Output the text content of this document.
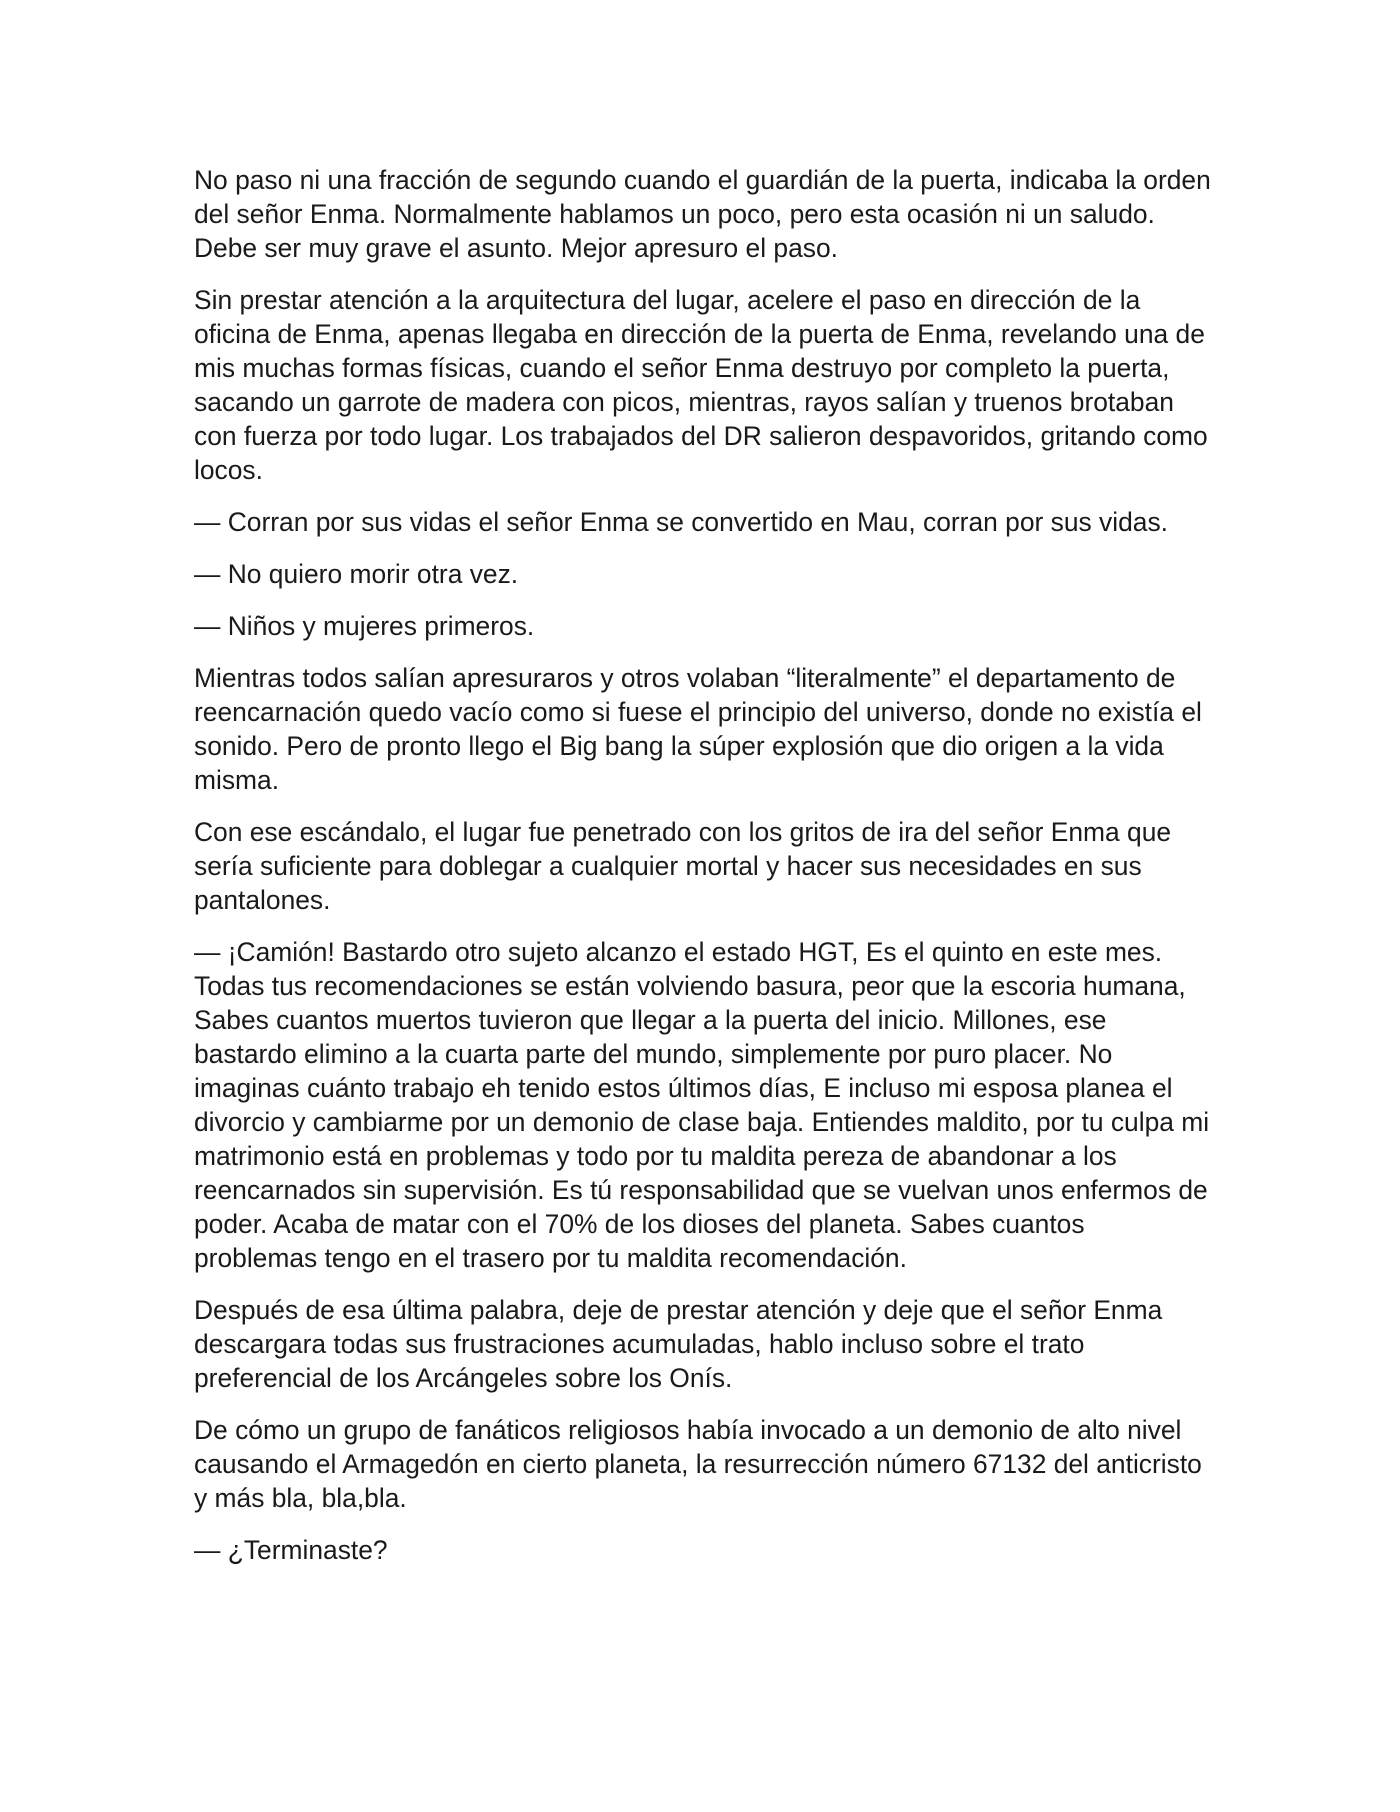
No paso ni una fracción de segundo cuando el guardián de la puerta, indicaba la orden del señor Enma. Normalmente hablamos un poco, pero esta ocasión ni un saludo. Debe ser muy grave el asunto. Mejor apresuro el paso.

Sin prestar atención a la arquitectura del lugar, acelere el paso en dirección de la oficina de Enma, apenas llegaba en dirección de la puerta de Enma, revelando una de mis muchas formas físicas, cuando el señor Enma destruyo por completo la puerta, sacando un garrote de madera con picos, mientras, rayos salían y truenos brotaban con fuerza por todo lugar. Los trabajados del DR salieron despavoridos, gritando como locos.

— Corran por sus vidas el señor Enma se convertido en Mau, corran por sus vidas.

— No quiero morir otra vez.

— Niños y mujeres primeros.

Mientras todos salían apresuraros y otros volaban “literalmente” el departamento de reencarnación quedo vacío como si fuese el principio del universo, donde no existía el sonido. Pero de pronto llego el Big bang la súper explosión que dio origen a la vida misma.

Con ese escándalo, el lugar fue penetrado con los gritos de ira del señor Enma que sería suficiente para doblegar a cualquier mortal y hacer sus necesidades en sus pantalones.

— ¡Camión! Bastardo otro sujeto alcanzo el estado HGT, Es el quinto en este mes. Todas tus recomendaciones se están volviendo basura, peor que la escoria humana, Sabes cuantos muertos tuvieron que llegar a la puerta del inicio. Millones, ese bastardo elimino a la cuarta parte del mundo, simplemente por puro placer. No imaginas cuánto trabajo eh tenido estos últimos días, E incluso mi esposa planea el divorcio y cambiarme por un demonio de clase baja. Entiendes maldito, por tu culpa mi matrimonio está en problemas y todo por tu maldita pereza de abandonar a los reencarnados sin supervisión. Es tú responsabilidad que se vuelvan unos enfermos de poder. Acaba de matar con el 70% de los dioses del planeta. Sabes cuantos problemas tengo en el trasero por tu maldita recomendación.

Después de esa última palabra, deje de prestar atención y deje que el señor Enma descargara todas sus frustraciones acumuladas, hablo incluso sobre el trato preferencial de los Arcángeles sobre los Onís.

De cómo un grupo de fanáticos religiosos había invocado a un demonio de alto nivel causando el Armagedón en cierto planeta, la resurrección número 67132 del anticristo y más bla, bla,bla.

— ¿Terminaste?
